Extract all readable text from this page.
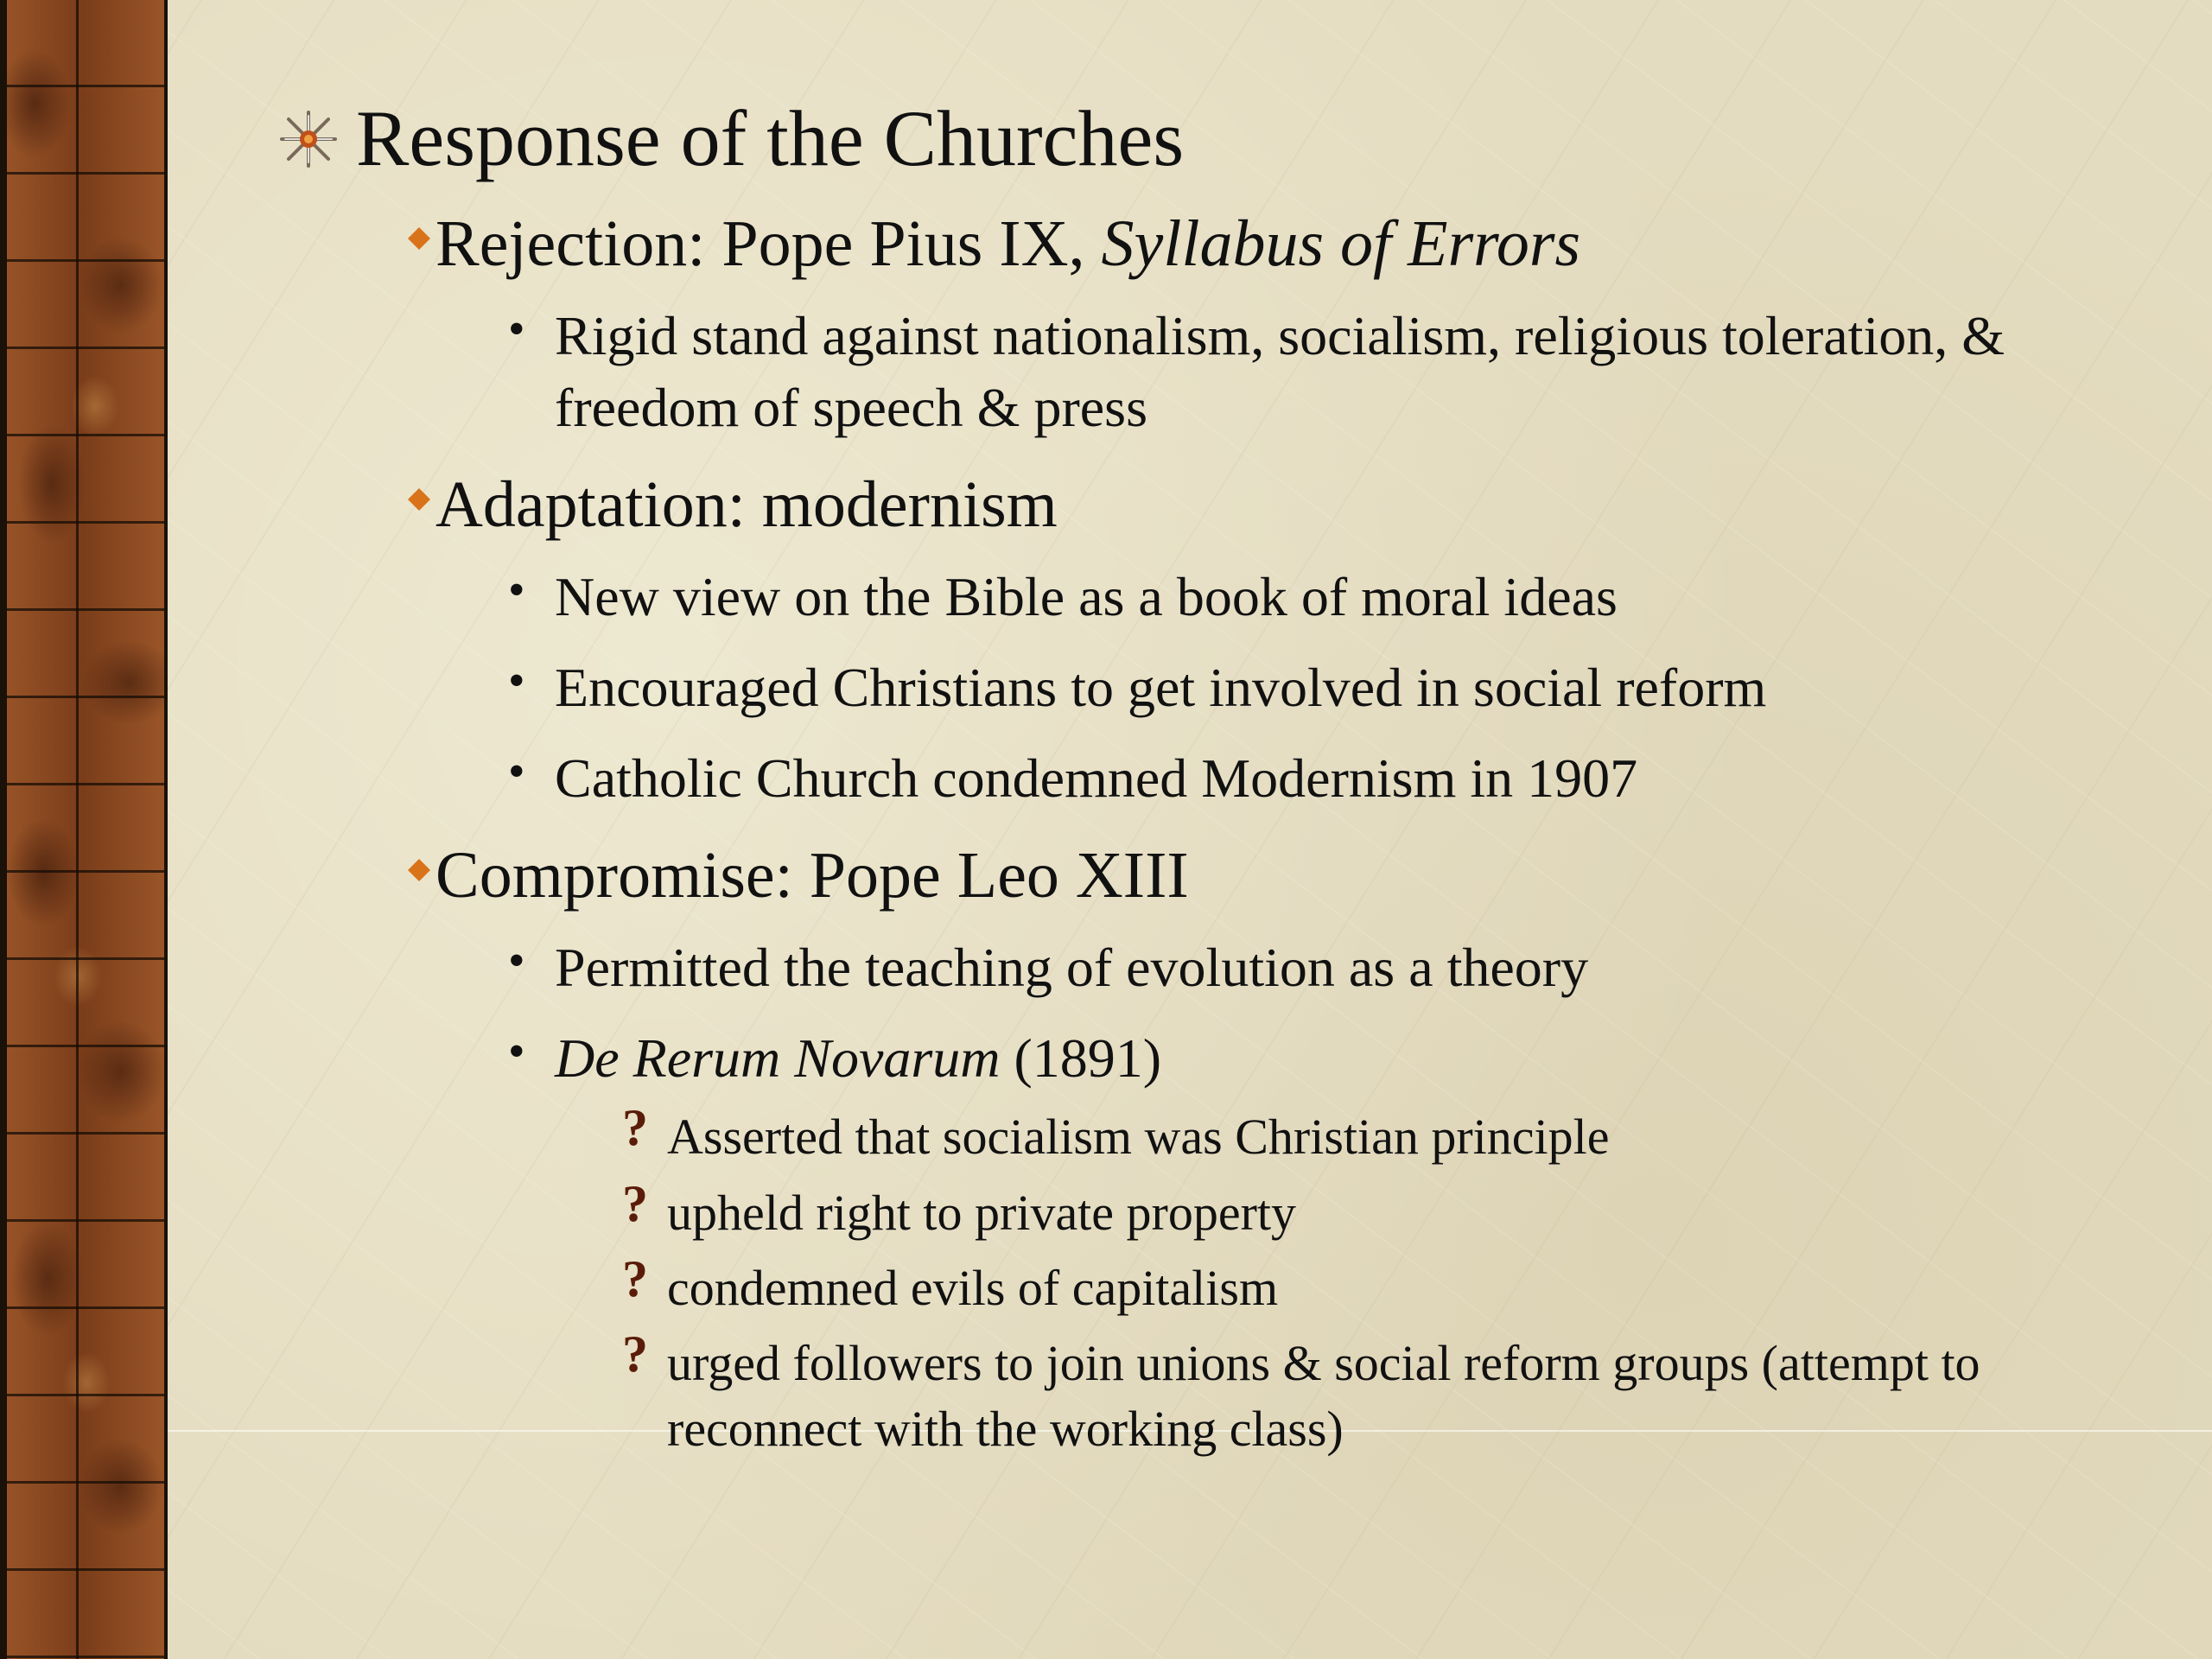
Response of the Churches
Rejection: Pope Pius IX, Syllabus of Errors
• Rigid stand against nationalism, socialism, religious toleration, & freedom of speech & press
Adaptation: modernism
• New view on the Bible as a book of moral ideas
• Encouraged Christians to get involved in social reform
• Catholic Church condemned Modernism in 1907
Compromise: Pope Leo XIII
• Permitted the teaching of evolution as a theory
• De Rerum Novarum (1891)
? Asserted that socialism was Christian principle
? upheld right to private property
? condemned evils of capitalism
? urged followers to join unions & social reform groups (attempt to reconnect with the working class)
